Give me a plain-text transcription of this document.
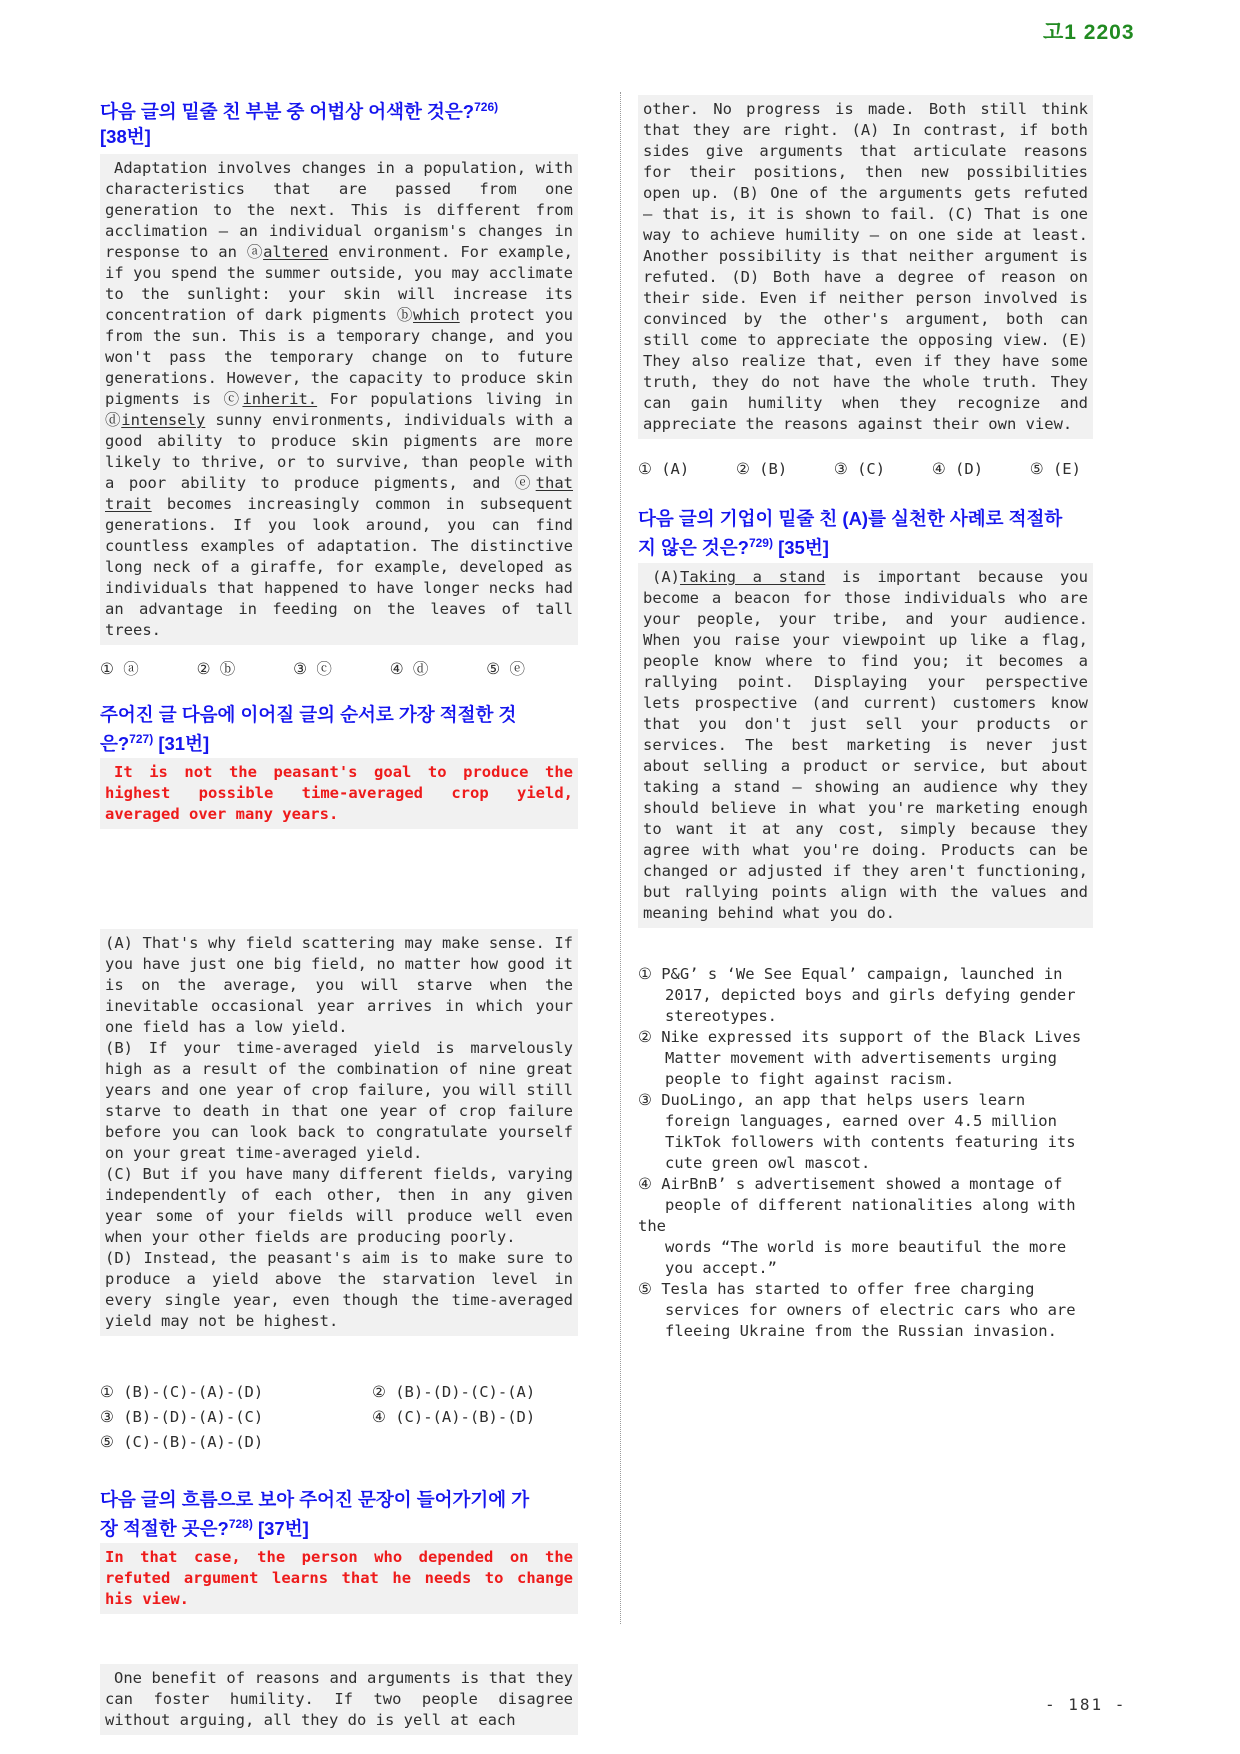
고1 2203
다음 글의 밑줄 친 부분 중 어법상 어색한 것은?$^{726)}$
[38번]
Adaptation involves changes in a population, with characteristics that are passed from one generation to the next. This is different from acclimation — an individual organism's changes in response to an ⓐaltered environment. For example, if you spend the summer outside, you may acclimate to the sunlight: your skin will increase its concentration of dark pigments ⓑwhich protect you from the sun. This is a temporary change, and you won't pass the temporary change on to future generations. However, the capacity to produce skin pigments is ⓒinherit. For populations living in ⓓintensely sunny environments, individuals with a good ability to produce skin pigments are more likely to thrive, or to survive, than people with a poor ability to produce pigments, and ⓔthat trait becomes increasingly common in subsequent generations. If you look around, you can find countless examples of adaptation. The distinctive long neck of a giraffe, for example, developed as individuals that happened to have longer necks had an advantage in feeding on the leaves of tall trees.
① ⓐ	② ⓑ	③ ⓒ	④ ⓓ	⑤ ⓔ
주어진 글 다음에 이어질 글의 순서로 가장 적절한 것
은?$^{727)}$ [31번]
It is not the peasant's goal to produce the highest possible time-averaged crop yield, averaged over many years.
(A) That's why field scattering may make sense. If you have just one big field, no matter how good it is on the average, you will starve when the inevitable occasional year arrives in which your one field has a low yield.
(B) If your time-averaged yield is marvelously high as a result of the combination of nine great years and one year of crop failure, you will still starve to death in that one year of crop failure before you can look back to congratulate yourself on your great time-averaged yield.
(C) But if you have many different fields, varying independently of each other, then in any given year some of your fields will produce well even when your other fields are producing poorly.
(D) Instead, the peasant's aim is to make sure to produce a yield above the starvation level in every single year, even though the time-averaged yield may not be highest.
① (B)-(C)-(A)-(D)	② (B)-(D)-(C)-(A)
③ (B)-(D)-(A)-(C)	④ (C)-(A)-(B)-(D)
⑤ (C)-(B)-(A)-(D)
다음 글의 흐름으로 보아 주어진 문장이 들어가기에 가
장 적절한 곳은?$^{728)}$ [37번]
In that case, the person who depended on the refuted argument learns that he needs to change his view.
One benefit of reasons and arguments is that they can foster humility. If two people disagree without arguing, all they do is yell at each
other. No progress is made. Both still think that they are right. (A) In contrast, if both sides give arguments that articulate reasons for their positions, then new possibilities open up. (B) One of the arguments gets refuted — that is, it is shown to fail. (C) That is one way to achieve humility — on one side at least. Another possibility is that neither argument is refuted. (D) Both have a degree of reason on their side. Even if neither person involved is convinced by the other's argument, both can still come to appreciate the opposing view. (E) They also realize that, even if they have some truth, they do not have the whole truth. They can gain humility when they recognize and appreciate the reasons against their own view.
① (A)	② (B)	③ (C)	④ (D)	⑤ (E)
다음 글의 기업이 밑줄 친 (A)를 실천한 사례로 적절하
지 않은 것은?$^{729)}$ [35번]
(A)Taking a stand is important because you become a beacon for those individuals who are your people, your tribe, and your audience. When you raise your viewpoint up like a flag, people know where to find you; it becomes a rallying point. Displaying your perspective lets prospective (and current) customers know that you don't just sell your products or services. The best marketing is never just about selling a product or service, but about taking a stand — showing an audience why they should believe in what you're marketing enough to want it at any cost, simply because they agree with what you're doing. Products can be changed or adjusted if they aren't functioning, but rallying points align with the values and meaning behind what you do.
① P&G’ s ‘We See Equal’ campaign, launched in
2017, depicted boys and girls defying gender
stereotypes.
② Nike expressed its support of the Black Lives
Matter movement with advertisements urging
people to fight against racism.
③ DuoLingo, an app that helps users learn
foreign languages, earned over 4.5 million
TikTok followers with contents featuring its
cute green owl mascot.
④ AirBnB’ s advertisement showed a montage of
people of different nationalities along with
the
words “The world is more beautiful the more
you accept.”
⑤ Tesla has started to offer free charging
services for owners of electric cars who are
fleeing Ukraine from the Russian invasion.
- 181 -
